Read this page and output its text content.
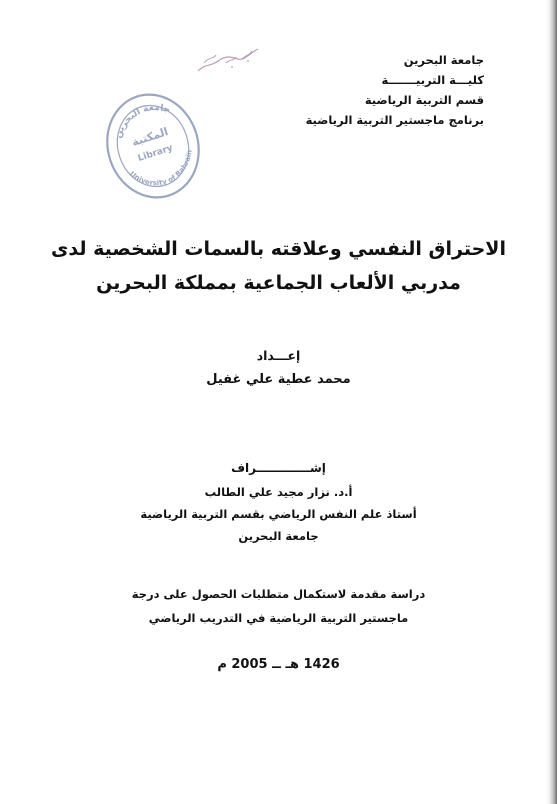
جامعة البحرين
كليـــة التربيـــــــة
قسم التربية الرياضية
برنامج ماجستير التربية الرياضية
جامعة البحرين
المكتبة
Library
University of Bahrain
الاحتراق النفسي وعلاقته بالسمات الشخصية لدى
مدربي الألعاب الجماعية بمملكة البحرين
إعـــداد
محمد عطية علي غفيل
إشـــــــــــــراف
أ.د. نزار مجيد علي الطالب
أستاذ علم النفس الرياضي بقسم التربية الرياضية
جامعة البحرين
دراسة مقدمة لاستكمال متطلبات الحصول على درجة
ماجستير التربية الرياضية في التدريب الرياضي
1426 هـ ــ 2005 م
